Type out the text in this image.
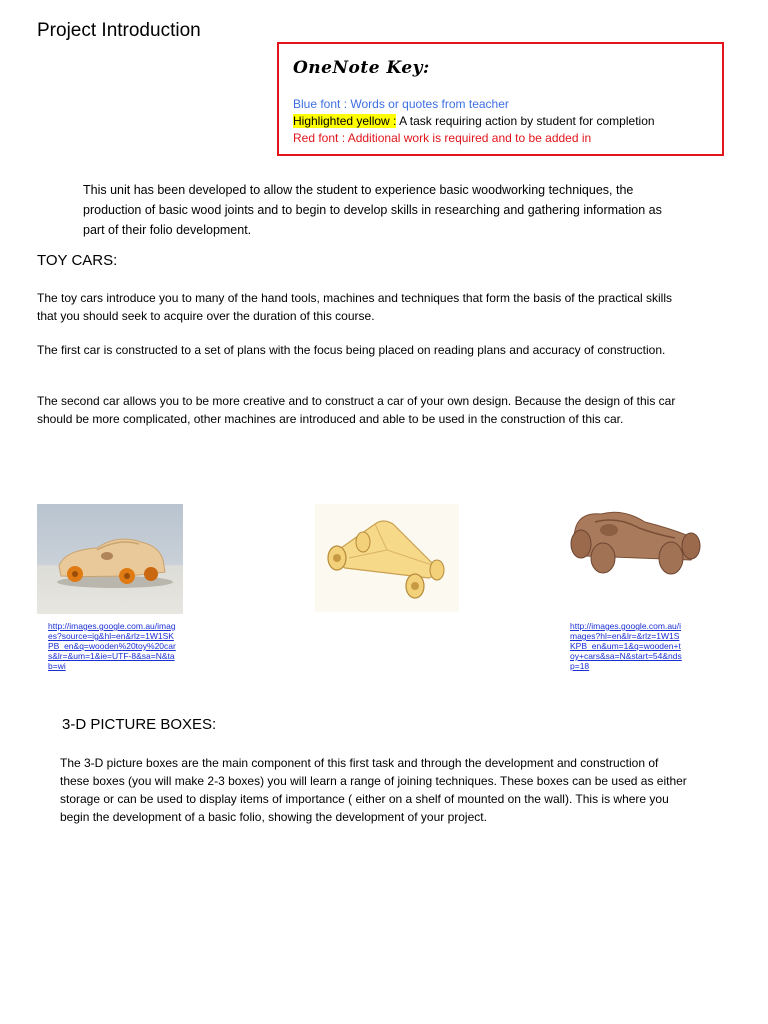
Project Introduction
OneNote Key:
Blue font : Words or quotes from teacher
Highlighted yellow : A task requiring action by student for completion
Red font : Additional work is required and to be added in
This unit has been developed to allow the student to experience basic woodworking techniques, the production of basic wood joints and to begin to develop skills in researching and gathering information as part of their folio development.
TOY CARS:
The toy cars introduce you to many of the hand tools, machines and techniques that form the basis of the practical skills that you should seek to acquire over the duration of this course.
The first car is constructed to a set of plans with the focus being placed on reading plans and accuracy of construction.
The second car allows you to be more creative and to construct a car of your own design. Because the design of this car should be more complicated, other machines are introduced and able to be used in the construction of this car.
http://images.google.com.au/images?source=ig&hl=en&rlz=1W1SKPB_en&q=wooden%20toy%20cars&lr=&um=1&ie=UTF-8&sa=N&tab=wi
http://images.google.com.au/images?hl=en&lr=&rlz=1W1SKPB_en&um=1&q=wooden+toy+cars&sa=N&start=54&ndsp=18
3-D PICTURE BOXES:
The 3-D picture boxes are the main component of this first task and through the development and construction of these boxes (you will make 2-3 boxes) you will learn a range of joining techniques. These boxes can be used as either storage or can be used to display items of importance ( either on a shelf of mounted on the wall). This is where you begin the development of a basic folio, showing the development of your project.
